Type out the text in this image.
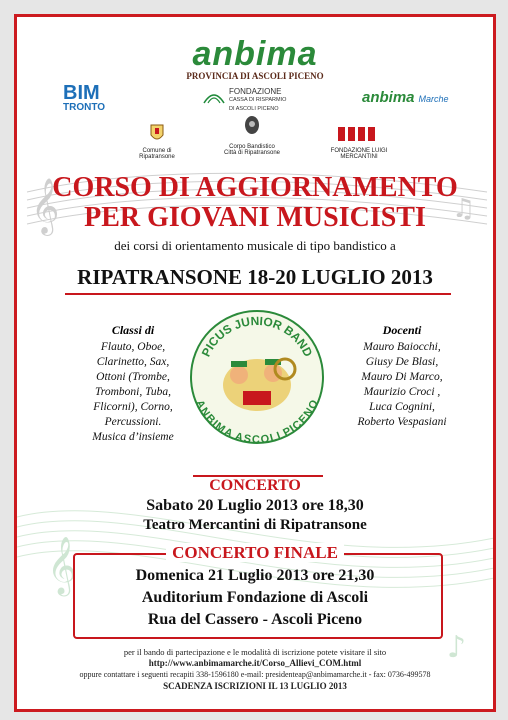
𝄞	♫
𝄞
♪
anbima
PROVINCIA DI ASCOLI PICENO
BIM
TRONTO
FONDAZIONE
CASSA DI RISPARMIO
DI ASCOLI PICENO
anbima Marche
Comune di Ripatransone
Corpo Bandistico
Città di Ripatransone	FONDAZIONE LUIGI MERCANTINI
CORSO DI AGGIORNAMENTO
PER GIOVANI MUSICISTI
dei corsi di orientamento musicale di tipo bandistico a
RIPATRANSONE 18-20 LUGLIO 2013
Classi di
Flauto, Oboe,
Clarinetto, Sax,
Ottoni (Trombe,
Tromboni, Tuba,
Flicorni), Corno,
Percussioni.
Musica d’insieme
PICUS JUNIOR BAND
ANBIMA ASCOLI PICENO
Docenti
Mauro Baiocchi,
Giusy De Blasi,
Mauro Di Marco,
Maurizio Croci ,
Luca Cognini,
Roberto Vespasiani
CONCERTO
Sabato 20 Luglio 2013 ore 18,30
Teatro Mercantini di Ripatransone
CONCERTO FINALE
Domenica 21 Luglio 2013 ore 21,30
Auditorium Fondazione di Ascoli
Rua del Cassero - Ascoli Piceno
per il bando di partecipazione e le modalità di iscrizione potete visitare il sito
http://www.anbimamarche.it/Corso_Allievi_COM.html
oppure contattare i seguenti recapiti 338-1596180 e-mail: presidenteap@anbimamarche.it - fax: 0736-499578
SCADENZA ISCRIZIONI IL 13 LUGLIO 2013
